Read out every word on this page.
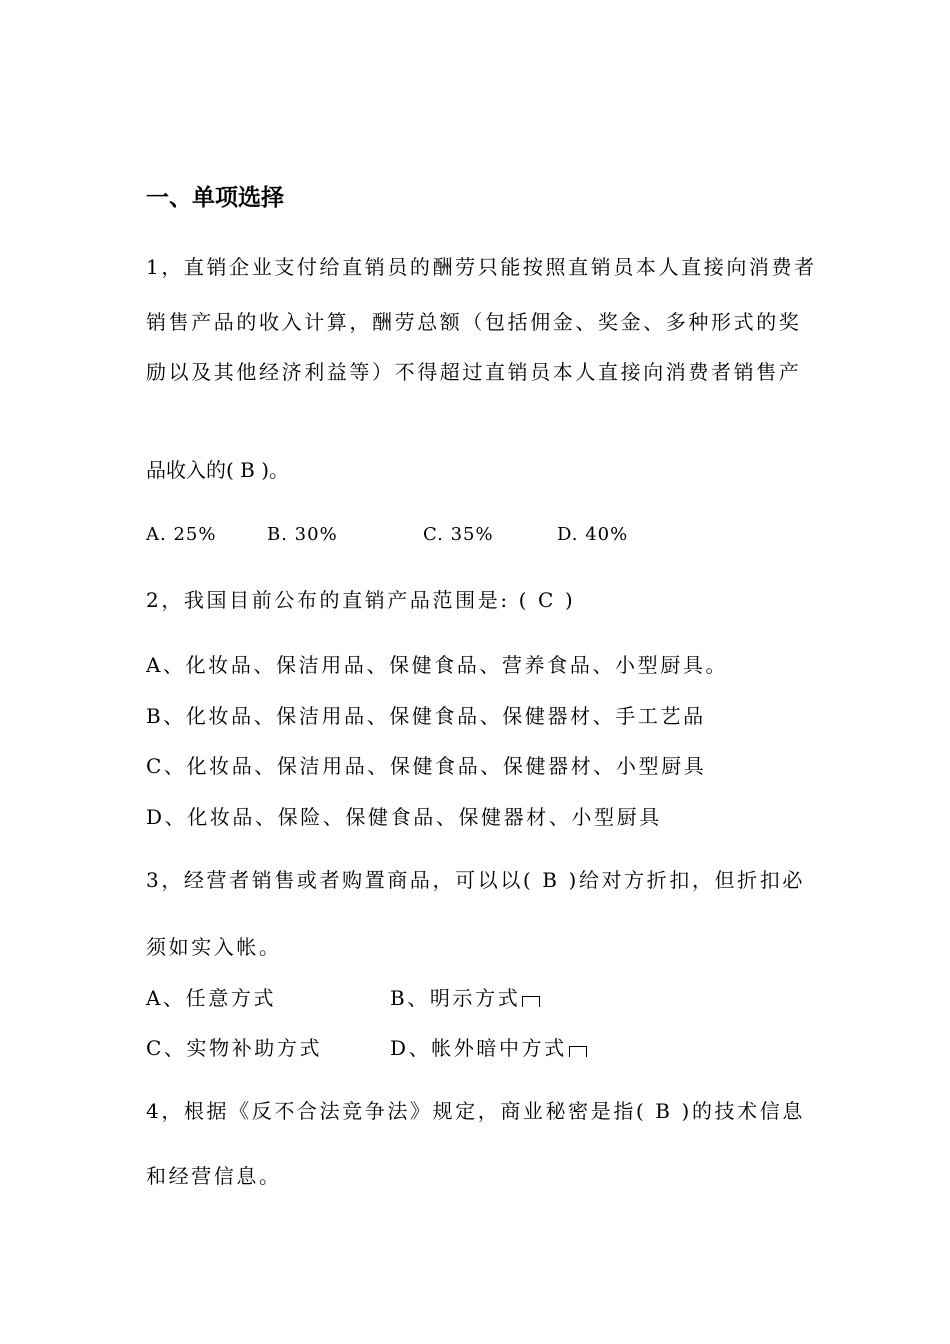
一、单项选择
1，直销企业支付给直销员的酬劳只能按照直销员本人直接向消费者
销售产品的收入计算，酬劳总额（包括佣金、奖金、多种形式的奖
励以及其他经济利益等）不得超过直销员本人直接向消费者销售产
品收入的( B )。
A. 25%	B. 30%	C. 35%	D. 40%
2，我国目前公布的直销产品范围是: ( C )
A、化妆品、保洁用品、保健食品、营养食品、小型厨具。
B、化妆品、保洁用品、保健食品、保健器材、手工艺品
C、化妆品、保洁用品、保健食品、保健器材、小型厨具
D、化妆品、保险、保健食品、保健器材、小型厨具
3，经营者销售或者购置商品，可以以( B )给对方折扣，但折扣必
须如实入帐。
A、任意方式	B、明示方式
C、实物补助方式	D、帐外暗中方式
4，根据《反不合法竞争法》规定，商业秘密是指( B )的技术信息
和经营信息。
